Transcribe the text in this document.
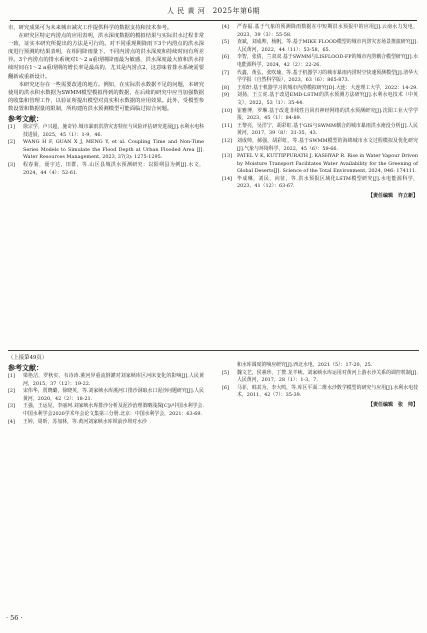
人 民 黄 河　2025年第6期

市，研究成果可为未来城市减灾工作提供科学的数据支持和技术参考。

在研究区特定内涝点的应用表明，洪水深度数据的模拟结果与实际洪水过程非常一致，证实本研究所提出的方法是可行的。对不同重现期降雨下3个内涝点的洪水深度进行预测的结果表明，在相同降雨量下，不同内涝点的洪水深度和持续时间有所差异。3个内涝点的排水系统对1～2 a重现期降雨最为敏感，洪水深度最大值和洪水持续时间在1～2 a重现期的增长率是最高的，尤其是内涝点2，这意味着排水系统需要翻新或重新设计。

本研究还存在一些需要改进的地方。例如，在实际洪水数据不足的问题，本研究使用的洪水积水数据为SWMM模型模拟得到的数据，在后续的研究中应当加强数据的收集和管理工作，以验证所提出模型对真实积水数据的应用效果。此外，受模型参数设置和数据量的限制，所构建的洪水预测模型可能面临过拟合问题。

参考文献：
[1]	徐宗学，卢兴超，施奇钤.城市暴雨洪涝灾害特征与风险评估研究进展[J].水利水电科技进展，2025，45（1）：1-9，46.
[2]	WANG H F, GUAN X J, MENG Y, et al. Coupling Time and Non-Time Series Models to Simulate the Flood Depth at Urban Flooded Area [J]. Water Resources Management, 2023, 37(3): 1275-1295.
[3]	程春菊，聂宇达，田群，等.山区县城洪水预测研究：以阳朔县为例[J].水文，2024，44（4）：52-61.
[4]	严春福.基于气象的预测降雨数据在中短期洪水预报中的应用[J].云南水力发电，2023，39（3）：55-58.
[5]	查斌，刘成帅，杨帆，等.基于MIKE FLOOD模型的城市内涝灾害场景推演研究[J].人民黄河，2022，44（11）：53-58，65.
[6]	李智，张倩，兰双双.基于SWMM与LISFLOOD-FP的城市内涝耦合模型研究[J].水电能源科学，2024，42（2）：22-26.
[7]	代鑫，黄弘，张吹瑜，等.基于机器学习的城市暴雨内涝时空快速预测模型[J].清华大学学报（自然科学版），2023，63（6）：865-873.
[8]	王柏轩.基于机器学习的城市内涝模拟研究[D].大连：大连理工大学，2022：14-29.
[9]	刘扬，王立虎.基于改进EMD-LSTM的洪水预测方法研究[J].水利水电技术（中英文），2022，53（1）：35-44.
[10]	崔雅博，罗琳.基于改进非线性自回归神经网络的洪水预测研究[J].沈阳工业大学学报，2023，45（1）：84-89.
[11]	王黎亮，吴洋宁，胡彩虹.基于GIS与SWMM耦合的城市暴雨洪水淹没分析[J].人民黄河，2017，39（8）：31-35，43.
[12]	刘成帅，郝强，胡彩虹，等.基于SWMM模型的海绵城市水文过程模拟及优化研究[J].气象与环境科学，2022，45（6）：59-66.
[13]	PATEL V K, KUTTIPPURATH J, KASHYAP R. Rise in Water Vapour Driven by Moisture Transport Facilitates Water Availability for the Greening of Global Deserts[J]. Science of the Total Environment, 2024, 946: 174111.
[14]	毕成琳，刘民，向征，等.洪水预报区域化LSTM模型研究[J].水电能源科学，2023，41（12）：63-67.
【责任编辑　许立新】
（上接第49页）
参考文献：
[1]	梁艳洁，罗秋实，韦诗涛.洮河异重流倒灌对刘家峡库区河床变化的影响[J].人民黄河，2015，37（12）：19-22.
[2]	宋伟华，贾晓璐，徐晓英，等.刘家峡水库洮河口排沙洞取水口泥沙问题研究[J].人民黄河，2020，42（2）：18-21.
[3]	王强，王运见，李丽珂.刘家峡水库排沙分析及泥沙治理策略浅探[C]//中国水利学会.中国水利学会2020学术年会论文集第三分册.北京：中国水利学会，2021：63-69.
[4]	王婷，周昕，苏加林，等.黄河刘家峡水库坝前沙坝对水沙
和水库调度的响应研究[J].西北水电，2021（5）：17-20，25.
[5]	魏文艺，侯素珍，丁赞.龙羊峡、刘家峡水库运用对黄河上游水沙关系的调控机制[J].人民黄河，2017，28（1）：1-3，7.
[6]	马菲，韩其为，李大鸣，等.库区平面二维水沙数学模型的研究与应用[J].水利水电技术，2011，42（7）：35-39.
【责任编辑　张　帅】
· 56 ·
